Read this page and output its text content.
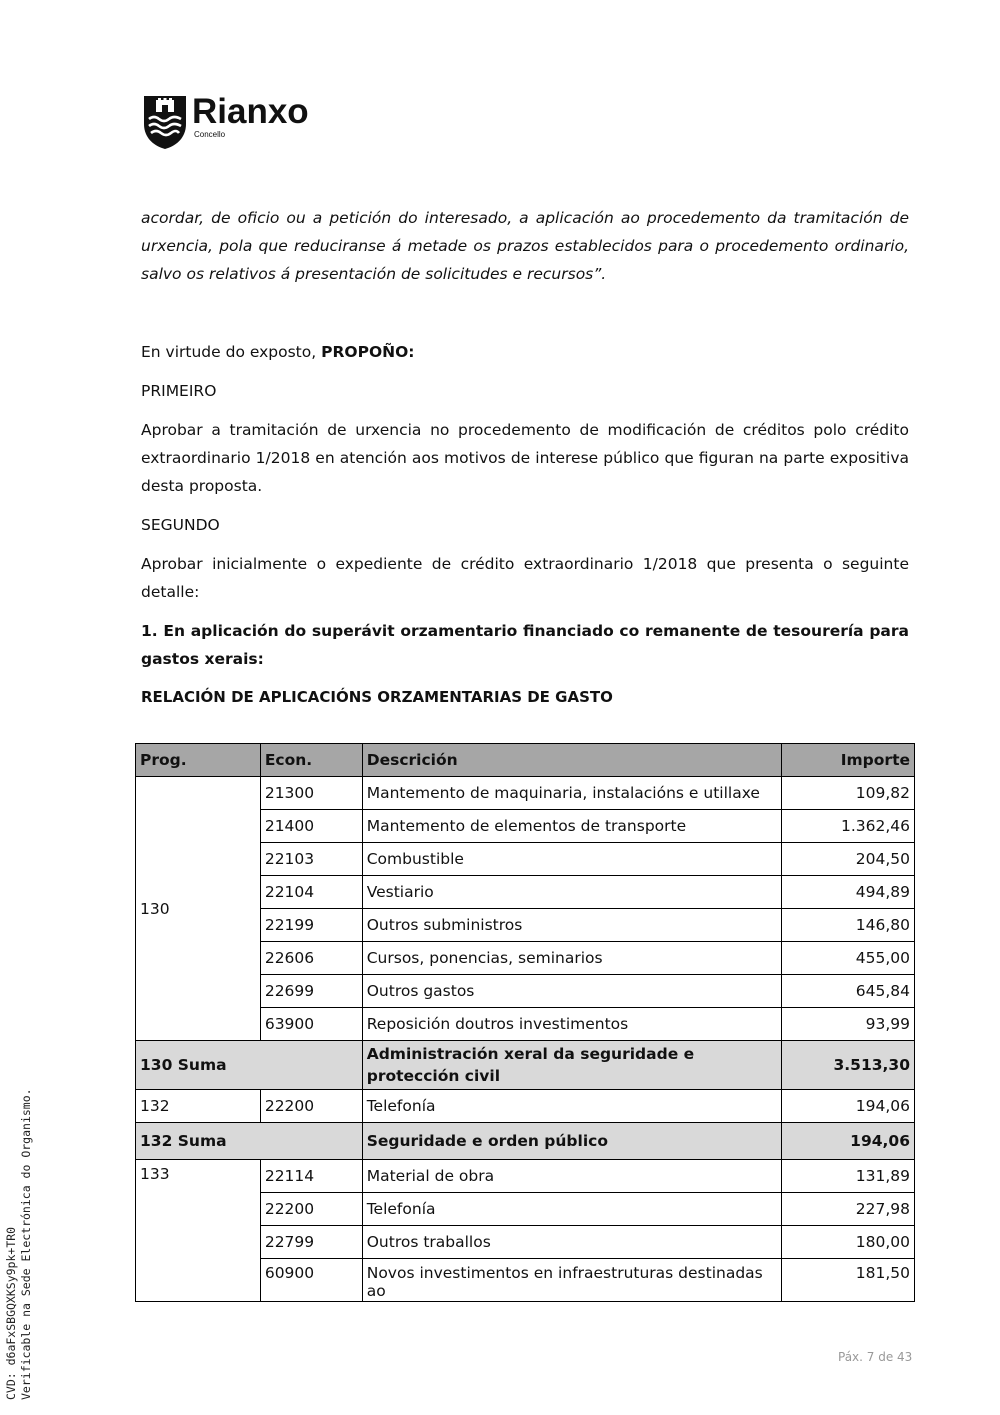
Rianxo
Concello

acordar, de oficio ou a petición do interesado, a aplicación ao procedemento da tramitación de urxencia, pola que reduciranse á metade os prazos establecidos para o procedemento ordinario, salvo os relativos á presentación de solicitudes e recursos”.

En virtude do exposto, PROPOÑO:

PRIMEIRO

Aprobar a tramitación de urxencia no procedemento de modificación de créditos polo crédito extraordinario 1/2018 en atención aos motivos de interese público que figuran na parte expositiva desta proposta.

SEGUNDO

Aprobar inicialmente o expediente de crédito extraordinario 1/2018 que presenta o seguinte detalle:

1. En aplicación do superávit orzamentario financiado co remanente de tesourería para gastos xerais:

RELACIÓN DE APLICACIÓNS ORZAMENTARIAS DE GASTO

Prog.	Econ.	Descrición	Importe
130	21300	Mantemento de maquinaria, instalacións e utillaxe	109,82
	21400	Mantemento de elementos de transporte	1.362,46
	22103	Combustible	204,50
	22104	Vestiario	494,89
	22199	Outros subministros	146,80
	22606	Cursos, ponencias, seminarios	455,00
	22699	Outros gastos	645,84
	63900	Reposición doutros investimentos	93,99
130 Suma		Administración xeral da seguridade e protección civil	3.513,30
132	22200	Telefonía	194,06
132 Suma		Seguridade e orden público	194,06
133	22114	Material de obra	131,89
	22200	Telefonía	227,98
	22799	Outros traballos	180,00
	60900	Novos investimentos en infraestruturas destinadas ao	181,50
Páx. 7 de 43
CVD: d6aFxSBGQXKSy9pk+TR0 Verificable na Sede Electrónica do Organismo.
